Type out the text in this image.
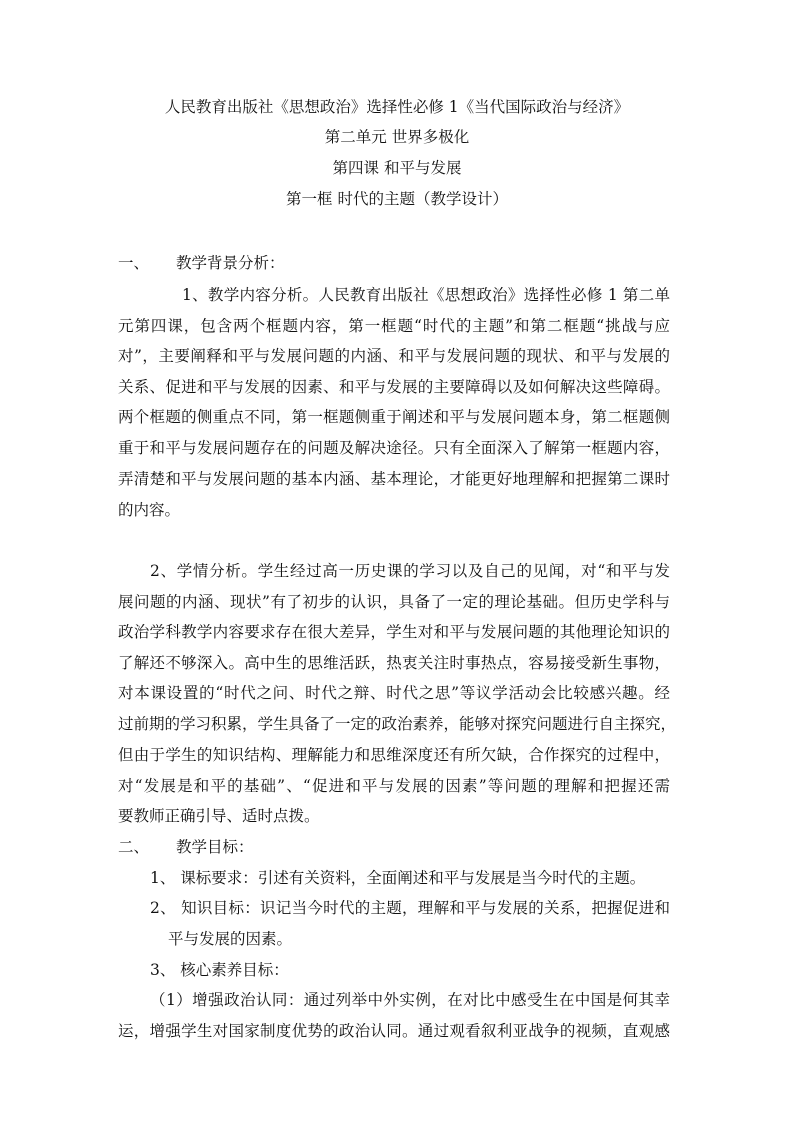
人民教育出版社《思想政治》选择性必修 1《当代国际政治与经济》
第二单元 世界多极化
第四课 和平与发展
第一框 时代的主题（教学设计）
一、 教学背景分析：
1、教学内容分析。人民教育出版社《思想政治》选择性必修 1 第二单
元第四课，包含两个框题内容，第一框题“时代的主题”和第二框题“挑战与应
对”，主要阐释和平与发展问题的内涵、和平与发展问题的现状、和平与发展的
关系、促进和平与发展的因素、和平与发展的主要障碍以及如何解决这些障碍。
两个框题的侧重点不同，第一框题侧重于阐述和平与发展问题本身，第二框题侧
重于和平与发展问题存在的问题及解决途径。只有全面深入了解第一框题内容，
弄清楚和平与发展问题的基本内涵、基本理论，才能更好地理解和把握第二课时
的内容。
2、学情分析。学生经过高一历史课的学习以及自己的见闻，对“和平与发
展问题的内涵、现状”有了初步的认识，具备了一定的理论基础。但历史学科与
政治学科教学内容要求存在很大差异，学生对和平与发展问题的其他理论知识的
了解还不够深入。高中生的思维活跃，热衷关注时事热点，容易接受新生事物，
对本课设置的“时代之问、时代之辩、时代之思”等议学活动会比较感兴趣。经
过前期的学习积累，学生具备了一定的政治素养，能够对探究问题进行自主探究，
但由于学生的知识结构、理解能力和思维深度还有所欠缺，合作探究的过程中，
对“发展是和平的基础”、“促进和平与发展的因素”等问题的理解和把握还需
要教师正确引导、适时点拨。
二、 教学目标：
1、 课标要求：引述有关资料，全面阐述和平与发展是当今时代的主题。
2、 知识目标：识记当今时代的主题，理解和平与发展的关系，把握促进和
平与发展的因素。
3、 核心素养目标：
（1）增强政治认同：通过列举中外实例，在对比中感受生在中国是何其幸
运，增强学生对国家制度优势的政治认同。通过观看叙利亚战争的视频，直观感
